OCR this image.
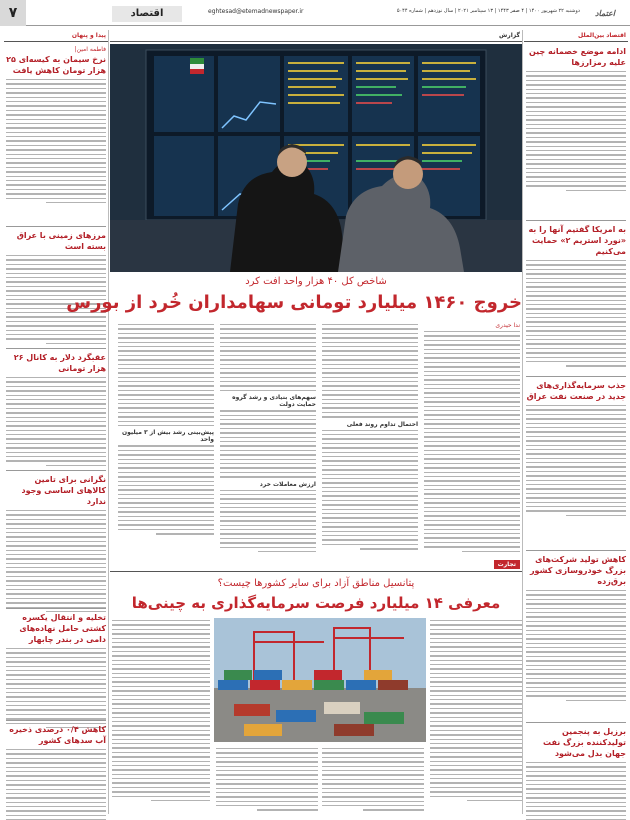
۷	اقتصاد	eghtesad@etemadnewspaper.ir	دوشنبه ۲۲ شهریور ۱۴۰۰ | ۴ صفر ۱۴۴۳ | ۱۳ سپتامبر ۲۰۲۱ | سال نوزدهم | شماره ۵۰۴۴	اعتماد
اقتصاد بین‌الملل
ادامه موضع خصمانه چین علیه رمزارزها
به امریکا گفتیم آنها را به «نورد استریم ۲» حمایت می‌کنیم
جذب سرمایه‌گذاری‌های جدید در صنعت نفت عراق
کاهش تولید شرکت‌های بزرگ خودروسازی کشور برق‌زده
برزیل به پنجمین تولیدکننده بزرگ نفت جهان بدل می‌شود
پیدا و پنهان
فاطمه امین|
نرخ سیمان به کیسه‌ای ۲۵ هزار تومان کاهش یافت
مرزهای زمینی با عراق بسته است
عقبگرد دلار به کانال ۲۶ هزار تومانی
نگرانی برای تامین کالاهای اساسی وجود ندارد
تخلیه و انتقال یکسره کشتی حامل نهاده‌های دامی در بندر چابهار
کاهش ۰/۴ درصدی ذخیره آب سدهای کشور
گزارش
شاخص کل ۴۰ هزار واحد افت کرد
خروج ۱۴۶۰ میلیارد تومانی سهامداران خُرد از بورس
ندا حیدری
احتمال تداوم روند فعلی
سهم‌های بنیادی و رشد گروه حمایت دولت
ارزش معاملات خرد
پیش‌بینی رشد بیش از ۳ میلیون واحد
تجارت
پتانسیل مناطق آزاد برای سایر کشورها چیست؟
معرفی ۱۴ میلیارد فرصت سرمایه‌گذاری به چینی‌ها
